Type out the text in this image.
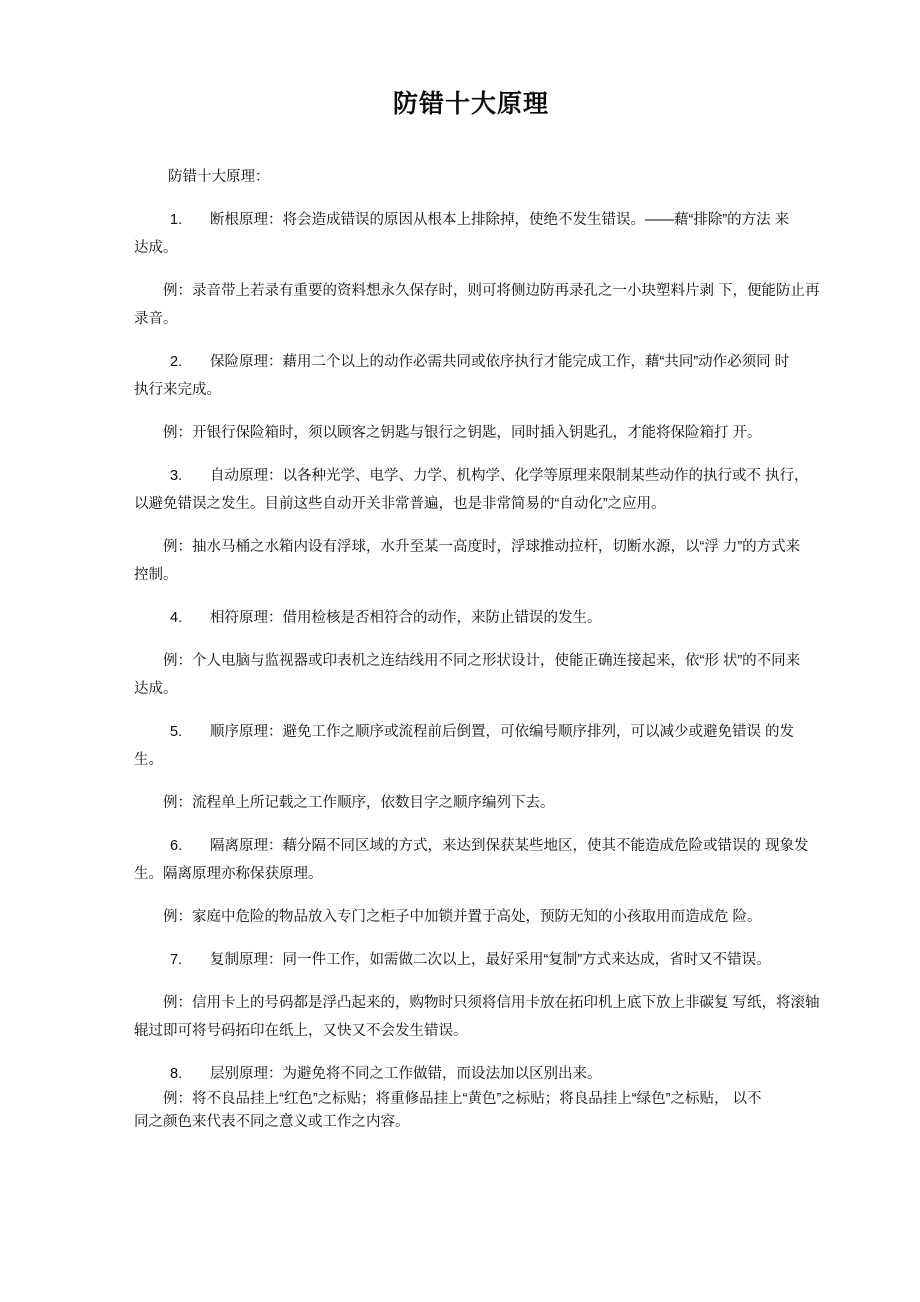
防错十大原理

防错十大原理：

1. 断根原理：将会造成错误的原因从根本上排除掉，使绝不发生错误。——藉“排除”的方法 来
达成。
例：录音带上若录有重要的资料想永久保存时，则可将侧边防再录孔之一小块塑料片剥 下，便能防止再
录音。
2. 保险原理：藉用二个以上的动作必需共同或依序执行才能完成工作，藉“共同”动作必须同 时
执行来完成。
例：开银行保险箱时，须以顾客之钥匙与银行之钥匙，同时插入钥匙孔，才能将保险箱打 开。
3. 自动原理：以各种光学、电学、力学、机构学、化学等原理来限制某些动作的执行或不 执行，
以避免错误之发生。目前这些自动开关非常普遍，也是非常简易的“自动化”之应用。
例：抽水马桶之水箱内设有浮球，水升至某一高度时，浮球推动拉杆，切断水源，以“浮 力”的方式来
控制。
4. 相符原理：借用检核是否相符合的动作，来防止错误的发生。
例：个人电脑与监视器或印表机之连结线用不同之形状设计，使能正确连接起来，依“形 状”的不同来
达成。
5. 顺序原理：避免工作之顺序或流程前后倒置，可依编号顺序排列，可以减少或避免错误 的发
生。
例：流程单上所记载之工作顺序，依数目字之顺序编列下去。
6. 隔离原理：藉分隔不同区域的方式，来达到保获某些地区，使其不能造成危险或错误的 现象发
生。隔离原理亦称保获原理。
例：家庭中危险的物品放入专门之柜子中加锁并置于高处，预防无知的小孩取用而造成危 险。
7. 复制原理：同一件工作，如需做二次以上，最好采用“复制”方式来达成，省时又不错误。
例：信用卡上的号码都是浮凸起来的，购物时只须将信用卡放在拓印机上底下放上非碳复 写纸，将滚轴
辊过即可将号码拓印在纸上，又快又不会发生错误。
8. 层别原理：为避免将不同之工作做错，而设法加以区别出来。
例：将不良品挂上“红色”之标贴；将重修品挂上“黄色”之标贴；将良品挂上“绿色”之标贴， 以不
同之颜色来代表不同之意义或工作之内容。
